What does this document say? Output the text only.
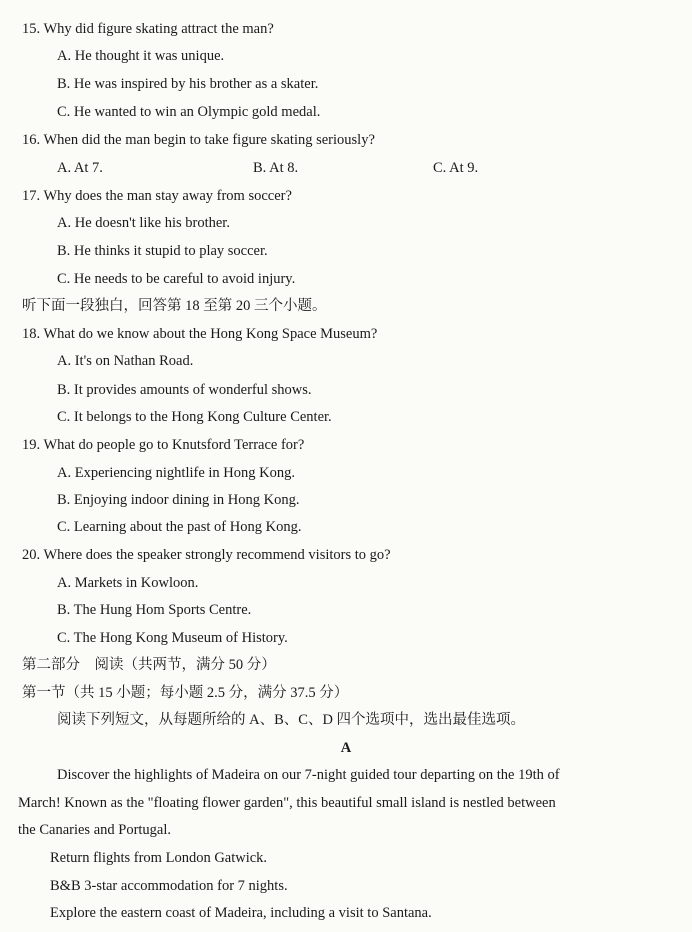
15. Why did figure skating attract the man?
A. He thought it was unique.
B. He was inspired by his brother as a skater.
C. He wanted to win an Olympic gold medal.
16. When did the man begin to take figure skating seriously?
A. At 7.	B. At 8.	C. At 9.
17. Why does the man stay away from soccer?
A. He doesn't like his brother.
B. He thinks it stupid to play soccer.
C. He needs to be careful to avoid injury.
听下面一段独白，回答第 18 至第 20 三个小题。
18. What do we know about the Hong Kong Space Museum?
A. It's on Nathan Road.
B. It provides amounts of wonderful shows.
C. It belongs to the Hong Kong Culture Center.
19. What do people go to Knutsford Terrace for?
A. Experiencing nightlife in Hong Kong.
B. Enjoying indoor dining in Hong Kong.
C. Learning about the past of Hong Kong.
20. Where does the speaker strongly recommend visitors to go?
A. Markets in Kowloon.
B. The Hung Hom Sports Centre.
C. The Hong Kong Museum of History.
第二部分　阅读（共两节，满分 50 分）
第一节（共 15 小题；每小题 2.5 分，满分 37.5 分）
阅读下列短文，从每题所给的 A、B、C、D 四个选项中，选出最佳选项。
A
Discover the highlights of Madeira on our 7-night guided tour departing on the 19th of
March! Known as the "floating flower garden", this beautiful small island is nestled between
the Canaries and Portugal.
Return flights from London Gatwick.
B&B 3-star accommodation for 7 nights.
Explore the eastern coast of Madeira, including a visit to Santana.
